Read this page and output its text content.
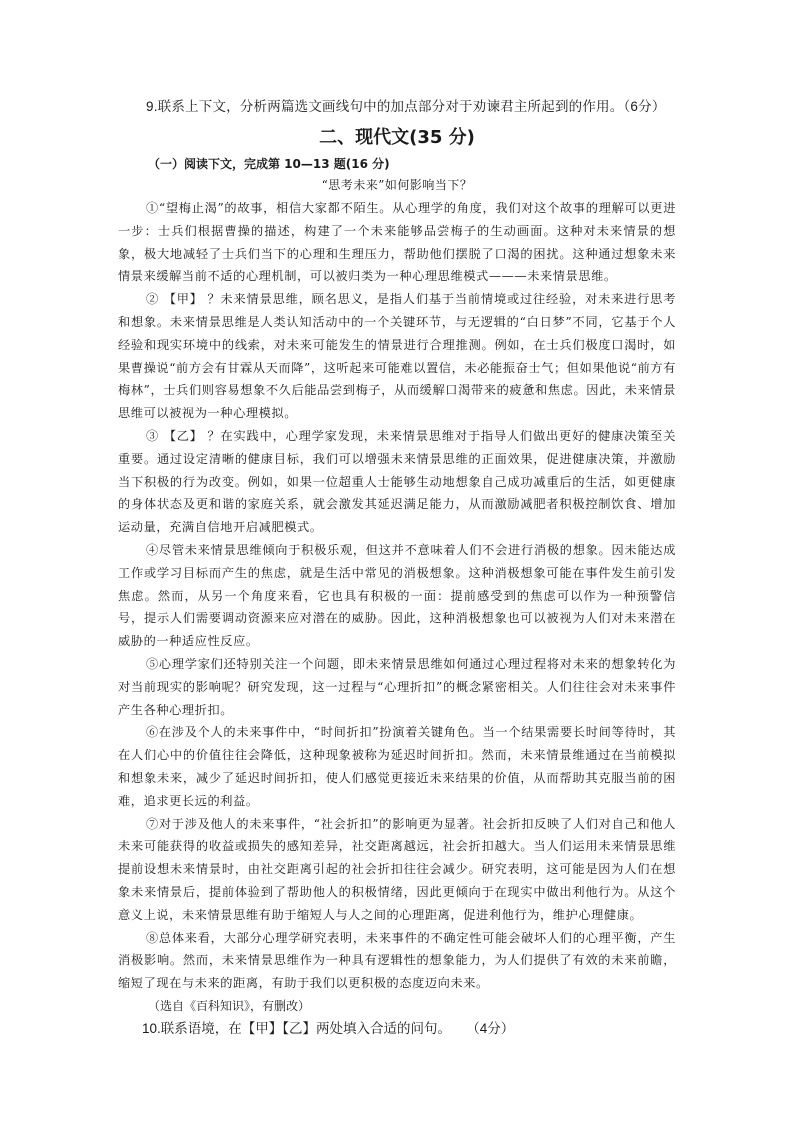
9.联系上下文，分析两篇选文画线句中的加点部分对于劝谏君主所起到的作用。（6分）
二、现代文(35 分)
（一）阅读下文，完成第 10—13 题(16 分)
“思考未来”如何影响当下？

①“望梅止渴”的故事，相信大家都不陌生。从心理学的角度，我们对这个故事的理解可以更进一步：士兵们根据曹操的描述，构建了一个未来能够品尝梅子的生动画面。这种对未来情景的想象，极大地减轻了士兵们当下的心理和生理压力，帮助他们摆脱了口渴的困扰。这种通过想象未来情景来缓解当前不适的心理机制，可以被归类为一种心理思维模式———未来情景思维。

② 【甲】 ？未来情景思维，顾名思义，是指人们基于当前情境或过往经验，对未来进行思考和想象。未来情景思维是人类认知活动中的一个关键环节，与无逻辑的“白日梦”不同，它基于个人经验和现实环境中的线索，对未来可能发生的情景进行合理推测。例如，在士兵们极度口渴时，如果曹操说“前方会有甘霖从天而降”，这听起来可能难以置信，未必能振奋士气；但如果他说“前方有梅林”，士兵们则容易想象不久后能品尝到梅子，从而缓解口渴带来的疲惫和焦虑。因此，未来情景思维可以被视为一种心理模拟。

③ 【乙】 ？在实践中，心理学家发现，未来情景思维对于指导人们做出更好的健康决策至关重要。通过设定清晰的健康目标，我们可以增强未来情景思维的正面效果，促进健康决策，并激励当下积极的行为改变。例如，如果一位超重人士能够生动地想象自己成功减重后的生活，如更健康的身体状态及更和谐的家庭关系，就会激发其延迟满足能力，从而激励减肥者积极控制饮食、增加运动量，充满自信地开启减肥模式。

④尽管未来情景思维倾向于积极乐观，但这并不意味着人们不会进行消极的想象。因未能达成工作或学习目标而产生的焦虑，就是生活中常见的消极想象。这种消极想象可能在事件发生前引发焦虑。然而，从另一个角度来看，它也具有积极的一面：提前感受到的焦虑可以作为一种预警信号，提示人们需要调动资源来应对潜在的威胁。因此，这种消极想象也可以被视为人们对未来潜在威胁的一种适应性反应。

⑤心理学家们还特别关注一个问题，即未来情景思维如何通过心理过程将对未来的想象转化为对当前现实的影响呢？研究发现，这一过程与“心理折扣”的概念紧密相关。人们往往会对未来事件产生各种心理折扣。

⑥在涉及个人的未来事件中，“时间折扣”扮演着关键角色。当一个结果需要长时间等待时，其在人们心中的价值往往会降低，这种现象被称为延迟时间折扣。然而，未来情景维通过在当前模拟和想象未来，减少了延迟时间折扣，使人们感觉更接近未来结果的价值，从而帮助其克服当前的困难，追求更长远的利益。

⑦对于涉及他人的未来事件，“社会折扣”的影响更为显著。社会折扣反映了人们对自己和他人未来可能获得的收益或损失的感知差异，社交距离越远，社会折扣越大。当人们运用未来情景思维提前设想未来情景时，由社交距离引起的社会折扣往往会减少。研究表明，这可能是因为人们在想象未来情景后，提前体验到了帮助他人的积极情绪，因此更倾向于在现实中做出利他行为。从这个意义上说，未来情景思维有助于缩短人与人之间的心理距离，促进利他行为，维护心理健康。

⑧总体来看，大部分心理学研究表明，未来事件的不确定性可能会破坏人们的心理平衡，产生消极影响。然而，未来情景思维作为一种具有逻辑性的想象能力，为人们提供了有效的未来前瞻，缩短了现在与未来的距离，有助于我们以更积极的态度迈向未来。

（选自《百科知识》，有删改）
10.联系语境，在【甲】【乙】两处填入合适的问句。 （4分）
